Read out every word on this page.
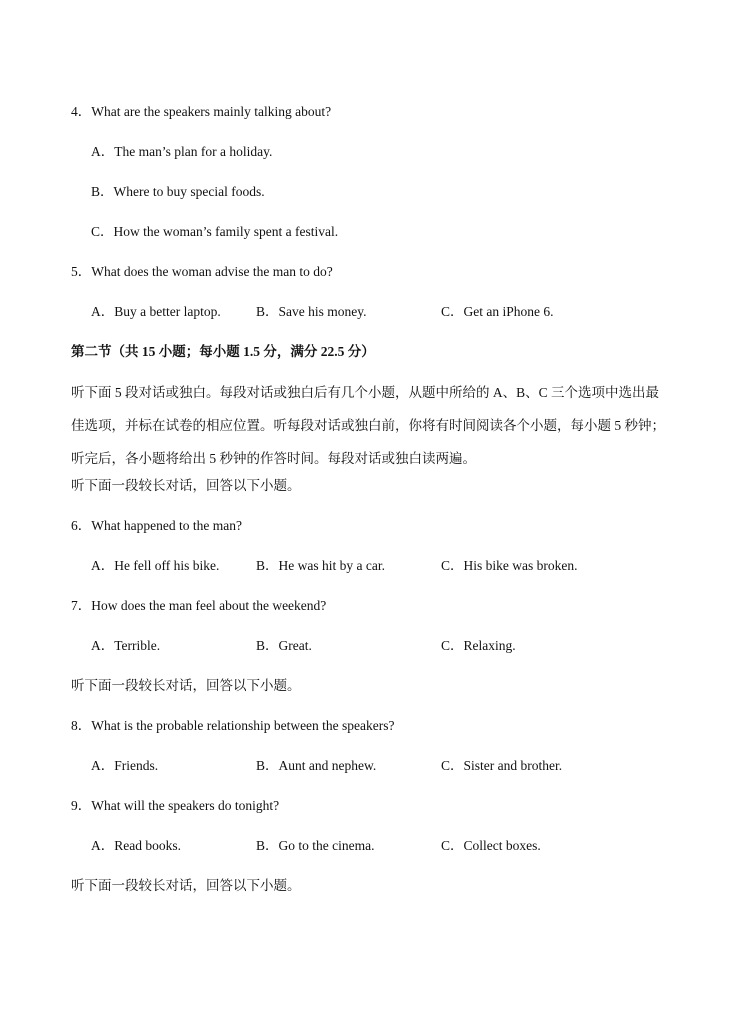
4．What are the speakers mainly talking about?
A．The man’s plan for a holiday.
B．Where to buy special foods.
C．How the woman’s family spent a festival.
5．What does the woman advise the man to do?
A．Buy a better laptop.	B．Save his money.	C．Get an iPhone 6.
第二节（共 15 小题；每小题 1.5 分，满分 22.5 分）
听下面 5 段对话或独白。每段对话或独白后有几个小题，从题中所给的 A、B、C 三个选项中选出最佳选项，并标在试卷的相应位置。听每段对话或独白前，你将有时间阅读各个小题，每小题 5 秒钟；听完后，各小题将给出 5 秒钟的作答时间。每段对话或独白读两遍。
听下面一段较长对话，回答以下小题。
6．What happened to the man?
A．He fell off his bike.	B．He was hit by a car.	C．His bike was broken.
7．How does the man feel about the weekend?
A．Terrible.	B．Great.	C．Relaxing.
听下面一段较长对话，回答以下小题。
8．What is the probable relationship between the speakers?
A．Friends.	B．Aunt and nephew.	C．Sister and brother.
9．What will the speakers do tonight?
A．Read books.	B．Go to the cinema.	C．Collect boxes.
听下面一段较长对话，回答以下小题。
